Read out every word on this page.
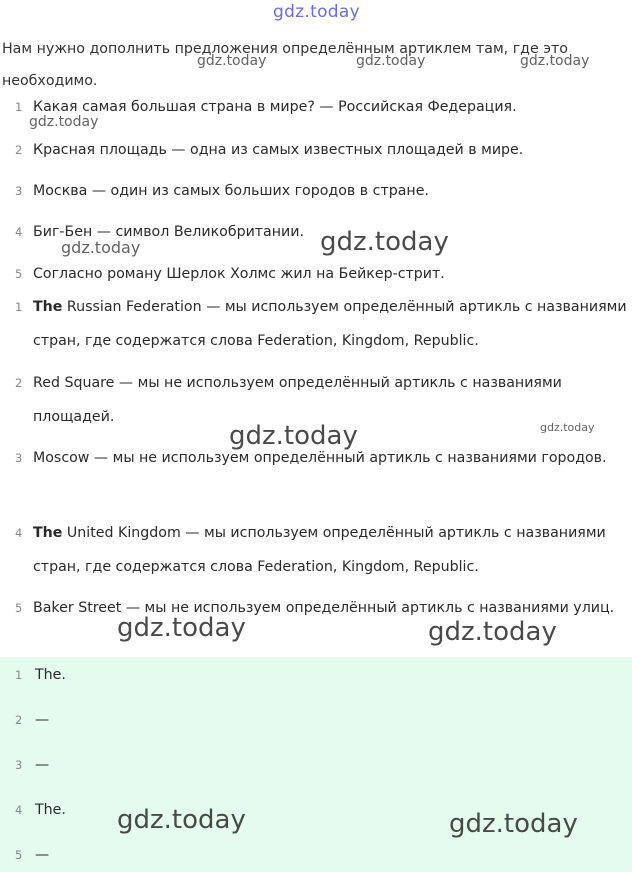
gdz.today
Нам нужно дополнить предложения определённым артиклем там, где это необходимо.
1 Какая самая большая страна в мире? — Российская Федерация.
2 Красная площадь — одна из самых известных площадей в мире.
3 Москва — один из самых больших городов в стране.
4 Биг-Бен — символ Великобритании.
5 Согласно роману Шерлок Холмс жил на Бейкер-стрит.
1 The Russian Federation — мы используем определённый артикль с названиями стран, где содержатся слова Federation, Kingdom, Republic.
2 Red Square — мы не используем определённый артикль с названиями площадей.
3 Moscow — мы не используем определённый артикль с названиями городов.
4 The United Kingdom — мы используем определённый артикль с названиями стран, где содержатся слова Federation, Kingdom, Republic.
5 Baker Street — мы не используем определённый артикль с названиями улиц.
1 The.
2 —
3 —
4 The.
5 —
gdz.today	gdz.today	gdz.today
gdz.today
gdz.today	gdz.today
gdz.today	gdz.today
gdz.today	gdz.today
gdz.today	gdz.today
